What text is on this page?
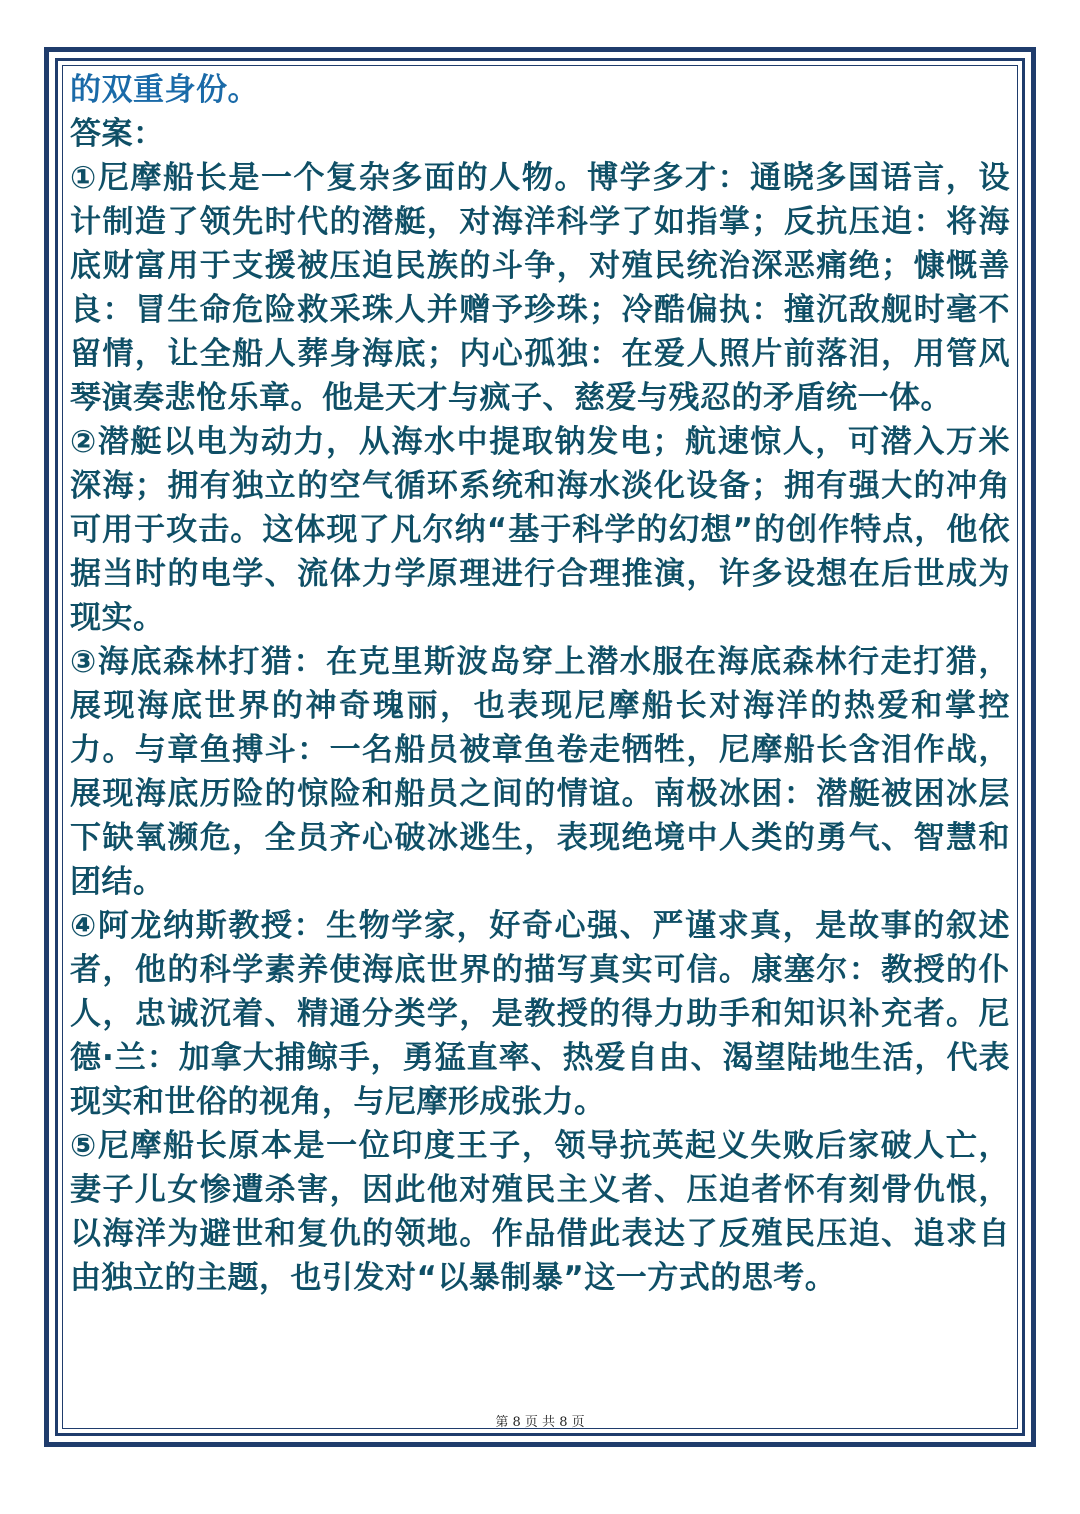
的双重身份。

答案：

①尼摩船长是一个复杂多面的人物。博学多才：通晓多国语言，设计制造了领先时代的潜艇，对海洋科学了如指掌；反抗压迫：将海底财富用于支援被压迫民族的斗争，对殖民统治深恶痛绝；慷慨善良：冒生命危险救采珠人并赠予珍珠；冷酷偏执：撞沉敌舰时毫不留情，让全船人葬身海底；内心孤独：在爱人照片前落泪，用管风琴演奏悲怆乐章。他是天才与疯子、慈爱与残忍的矛盾统一体。

②潜艇以电为动力，从海水中提取钠发电；航速惊人，可潜入万米深海；拥有独立的空气循环系统和海水淡化设备；拥有强大的冲角可用于攻击。这体现了凡尔纳“基于科学的幻想”的创作特点，他依据当时的电学、流体力学原理进行合理推演，许多设想在后世成为现实。

③海底森林打猎：在克里斯波岛穿上潜水服在海底森林行走打猎，展现海底世界的神奇瑰丽，也表现尼摩船长对海洋的热爱和掌控力。与章鱼搏斗：一名船员被章鱼卷走牺牲，尼摩船长含泪作战，展现海底历险的惊险和船员之间的情谊。南极冰困：潜艇被困冰层下缺氧濒危，全员齐心破冰逃生，表现绝境中人类的勇气、智慧和团结。

④阿龙纳斯教授：生物学家，好奇心强、严谨求真，是故事的叙述者，他的科学素养使海底世界的描写真实可信。康塞尔：教授的仆人，忠诚沉着、精通分类学，是教授的得力助手和知识补充者。尼德·兰：加拿大捕鲸手，勇猛直率、热爱自由、渴望陆地生活，代表现实和世俗的视角，与尼摩形成张力。

⑤尼摩船长原本是一位印度王子，领导抗英起义失败后家破人亡，妻子儿女惨遭杀害，因此他对殖民主义者、压迫者怀有刻骨仇恨，以海洋为避世和复仇的领地。作品借此表达了反殖民压迫、追求自由独立的主题，也引发对“以暴制暴”这一方式的思考。

第 8 页 共 8 页
